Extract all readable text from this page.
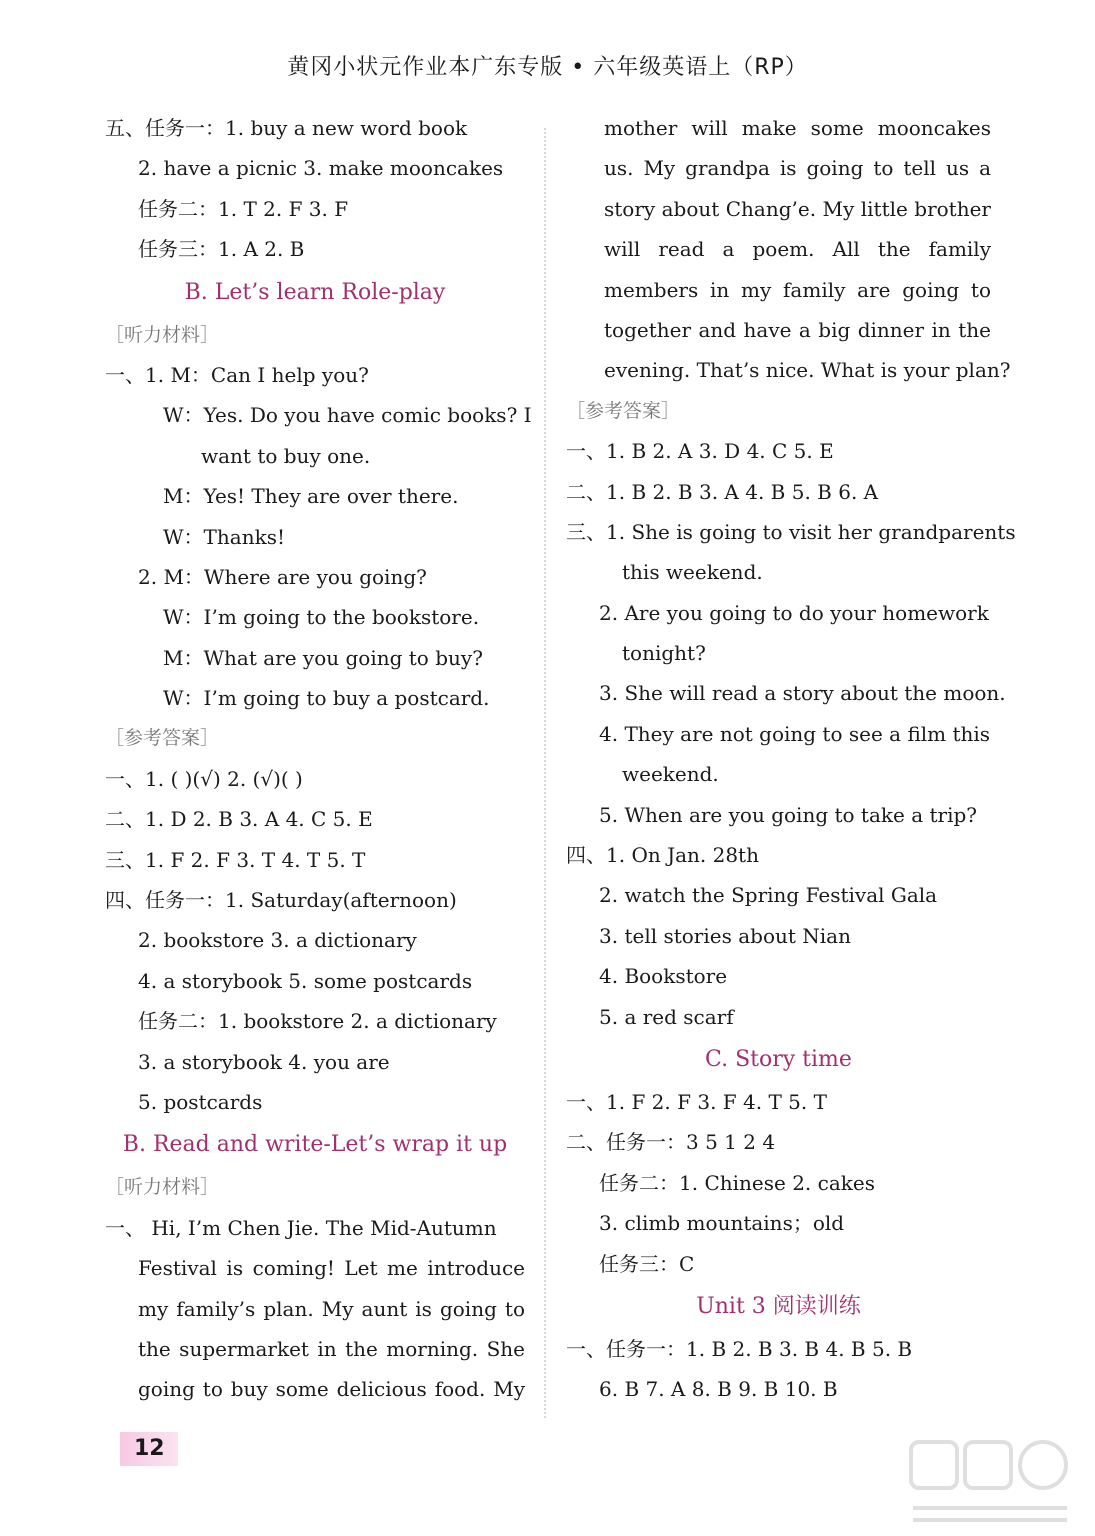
黄冈小状元作业本广东专版 • 六年级英语上（RP）
五、任务一：1. buy a new word book
2. have a picnic 3. make mooncakes
任务二：1. T 2. F 3. F
任务三：1. A 2. B
B. Let’s learn Role-play
［听力材料］
一、1. M：Can I help you?
W：Yes. Do you have comic books? I
want to buy one.
M：Yes! They are over there.
W：Thanks!
2. M：Where are you going?
W：I’m going to the bookstore.
M：What are you going to buy?
W：I’m going to buy a postcard.
［参考答案］
一、1. ( )(√) 2. (√)( )
二、1. D 2. B 3. A 4. C 5. E
三、1. F 2. F 3. T 4. T 5. T
四、任务一：1. Saturday(afternoon)
2. bookstore 3. a dictionary
4. a storybook 5. some postcards
任务二：1. bookstore 2. a dictionary
3. a storybook 4. you are
5. postcards
B. Read and write-Let’s wrap it up
［听力材料］
一、 Hi, I’m Chen Jie. The Mid-Autumn
Festival is coming! Let me introduce
my family’s plan. My aunt is going to
the supermarket in the morning. She
going to buy some delicious food. My
mother will make some mooncakes
us. My grandpa is going to tell us a
story about Chang’e. My little brother
will read a poem. All the family
members in my family are going to
together and have a big dinner in the
evening. That’s nice. What is your plan?
［参考答案］
一、1. B 2. A 3. D 4. C 5. E
二、1. B 2. B 3. A 4. B 5. B 6. A
三、1. She is going to visit her grandparents
this weekend.
2. Are you going to do your homework
tonight?
3. She will read a story about the moon.
4. They are not going to see a film this
weekend.
5. When are you going to take a trip?
四、1. On Jan. 28th
2. watch the Spring Festival Gala
3. tell stories about Nian
4. Bookstore
5. a red scarf
C. Story time
一、1. F 2. F 3. F 4. T 5. T
二、任务一：3 5 1 2 4
任务二：1. Chinese 2. cakes
3. climb mountains；old
任务三：C
Unit 3 阅读训练
一、任务一：1. B 2. B 3. B 4. B 5. B
6. B 7. A 8. B 9. B 10. B
12
